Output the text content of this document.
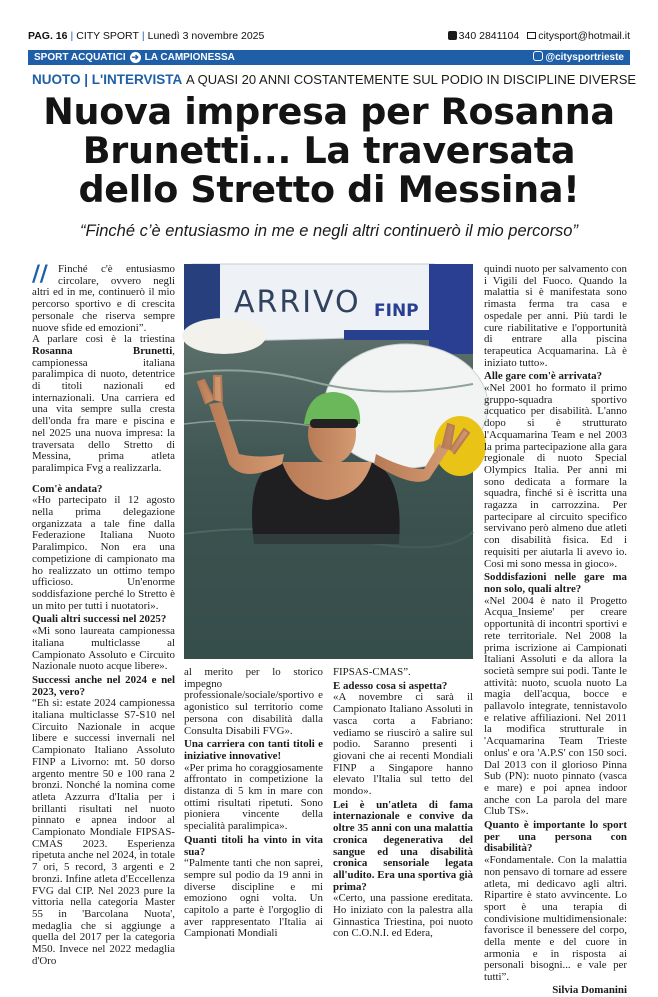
PAG. 16 | CITY SPORT | Lunedì 3 novembre 2025	340 2841104 citysport@hotmail.it
SPORT ACQUATICI ➜ LA CAMPIONESSA	@citysportrieste
NUOTO | L'INTERVISTA A QUASI 20 ANNI COSTANTEMENTE SUL PODIO IN DISCIPLINE DIVERSE
Nuova impresa per Rosanna Brunetti... La traversata dello Stretto di Messina!
“Finché c’è entusiasmo in me e negli altri continuerò il mio percorso”

/ /	Finché c'è entusiasmo circolare, ovvero negli altri ed in me, continuerò il mio percorso sportivo e di crescita personale che riserva sempre nuove sfide ed emozioni”.

A parlare così è la triestina Rosanna Brunetti, campionessa italiana paralimpica di nuoto, detentrice di titoli nazionali ed internazionali. Una carriera ed una vita sempre sulla cresta dell'onda fra mare e piscina e nel 2025 una nuova impresa: la traversata dello Stretto di Messina, prima atleta paralimpica Fvg a realizzarla.

Com'è andata?

«Ho partecipato il 12 agosto nella prima delegazione organizzata a tale fine dalla Federazione Italiana Nuoto Paralimpico. Non era una competizione di campionato ma ho realizzato un ottimo tempo ufficioso. Un'enorme soddisfazione perché lo Stretto è un mito per tutti i nuotatori».

Quali altri successi nel 2025?

«Mi sono laureata campionessa italiana multiclasse al Campionato Assoluto e Circuito Nazionale nuoto acque libere».

Successi anche nel 2024 e nel 2023, vero?

“Eh sì: estate 2024 campionessa italiana multiclasse S7-S10 nel Circuito Nazionale in acque libere e successi invernali nel Campionato Italiano Assoluto FINP a Livorno: mt. 50 dorso argento mentre 50 e 100 rana 2 bronzi. Nonché la nomina come atleta Azzurra d'Italia per i brillanti risultati nel nuoto pinnato e apnea indoor al Campionato Mondiale FIPSAS-CMAS 2023. Esperienza ripetuta anche nel 2024, in totale 7 ori, 5 record, 3 argenti e 2 bronzi. Infine atleta d'Eccellenza FVG dal CIP. Nel 2023 pure la vittoria nella categoria Master 55 in 'Barcolana Nuota', medaglia che si aggiunge a quella del 2017 per la categoria M50. Invece nel 2022 medaglia d'Oro

ARRIVO FINP

al merito per lo storico impegno professionale/sociale/sportivo e agonistico sul territorio come persona con disabilità dalla Consulta Disabili FVG».

Una carriera con tanti titoli e iniziative innovative!

«Per prima ho coraggiosamente affrontato in competizione la distanza di 5 km in mare con ottimi risultati ripetuti. Sono pioniera vincente della specialità paralimpica».

Quanti titoli ha vinto in vita sua?

“Palmente tanti che non saprei, sempre sul podio da 19 anni in diverse discipline e mi emoziono ogni volta. Un capitolo a parte è l'orgoglio di aver rappresentato l'Italia ai Campionati Mondiali

FIPSAS-CMAS”.

E adesso cosa si aspetta?

«A novembre ci sarà il Campionato Italiano Assoluti in vasca corta a Fabriano: vediamo se riuscirò a salire sul podio. Saranno presenti i giovani che ai recenti Mondiali FINP a Singapore hanno elevato l'Italia sul tetto del mondo».

Lei è un'atleta di fama internazionale e convive da oltre 35 anni con una malattia cronica degenerativa del sangue ed una disabilità cronica sensoriale legata all'udito. Era una sportiva già prima?

«Certo, una passione ereditata. Ho iniziato con la palestra alla Ginnastica Triestina, poi nuoto con C.O.N.I. ed Edera,

quindi nuoto per salvamento con i Vigili del Fuoco. Quando la malattia si è manifestata sono rimasta ferma tra casa e ospedale per anni. Più tardi le cure riabilitative e l'opportunità di entrare alla piscina terapeutica Acquamarina. Là è iniziato tutto».

Alle gare com'è arrivata?

«Nel 2001 ho formato il primo gruppo-squadra sportivo acquatico per disabilità. L'anno dopo si è strutturato l'Acquamarina Team e nel 2003 la prima partecipazione alla gara regionale di nuoto Special Olympics Italia. Per anni mi sono dedicata a formare la squadra, finché si è iscritta una ragazza in carrozzina. Per partecipare al circuito specifico servivano però almeno due atleti con disabilità fisica. Ed i requisiti per aiutarla li avevo io. Così mi sono messa in gioco».

Soddisfazioni nelle gare ma non solo, quali altre?

«Nel 2004 è nato il Progetto Acqua_Insieme' per creare opportunità di incontri sportivi e rete territoriale. Nel 2008 la prima iscrizione ai Campionati Italiani Assoluti e da allora la società sempre sui podi. Tante le attività: nuoto, scuola nuoto La magia dell'acqua, bocce e pallavolo integrate, tennistavolo e relative affiliazioni. Nel 2011 la modifica strutturale in 'Acquamarina Team Trieste onlus' e ora 'A.P.S' con 150 soci. Dal 2013 con il glorioso Pinna Sub (PN): nuoto pinnato (vasca e mare) e poi apnea indoor anche con La parola del mare Club TS».

Quanto è importante lo sport per una persona con disabilità?

«Fondamentale. Con la malattia non pensavo di tornare ad essere atleta, mi dedicavo agli altri. Ripartire è stato avvincente. Lo sport è una terapia di condivisione multidimensionale: favorisce il benessere del corpo, della mente e del cuore in armonia e in risposta ai personali bisogni... e vale per tutti”.

Silvia Domanini
